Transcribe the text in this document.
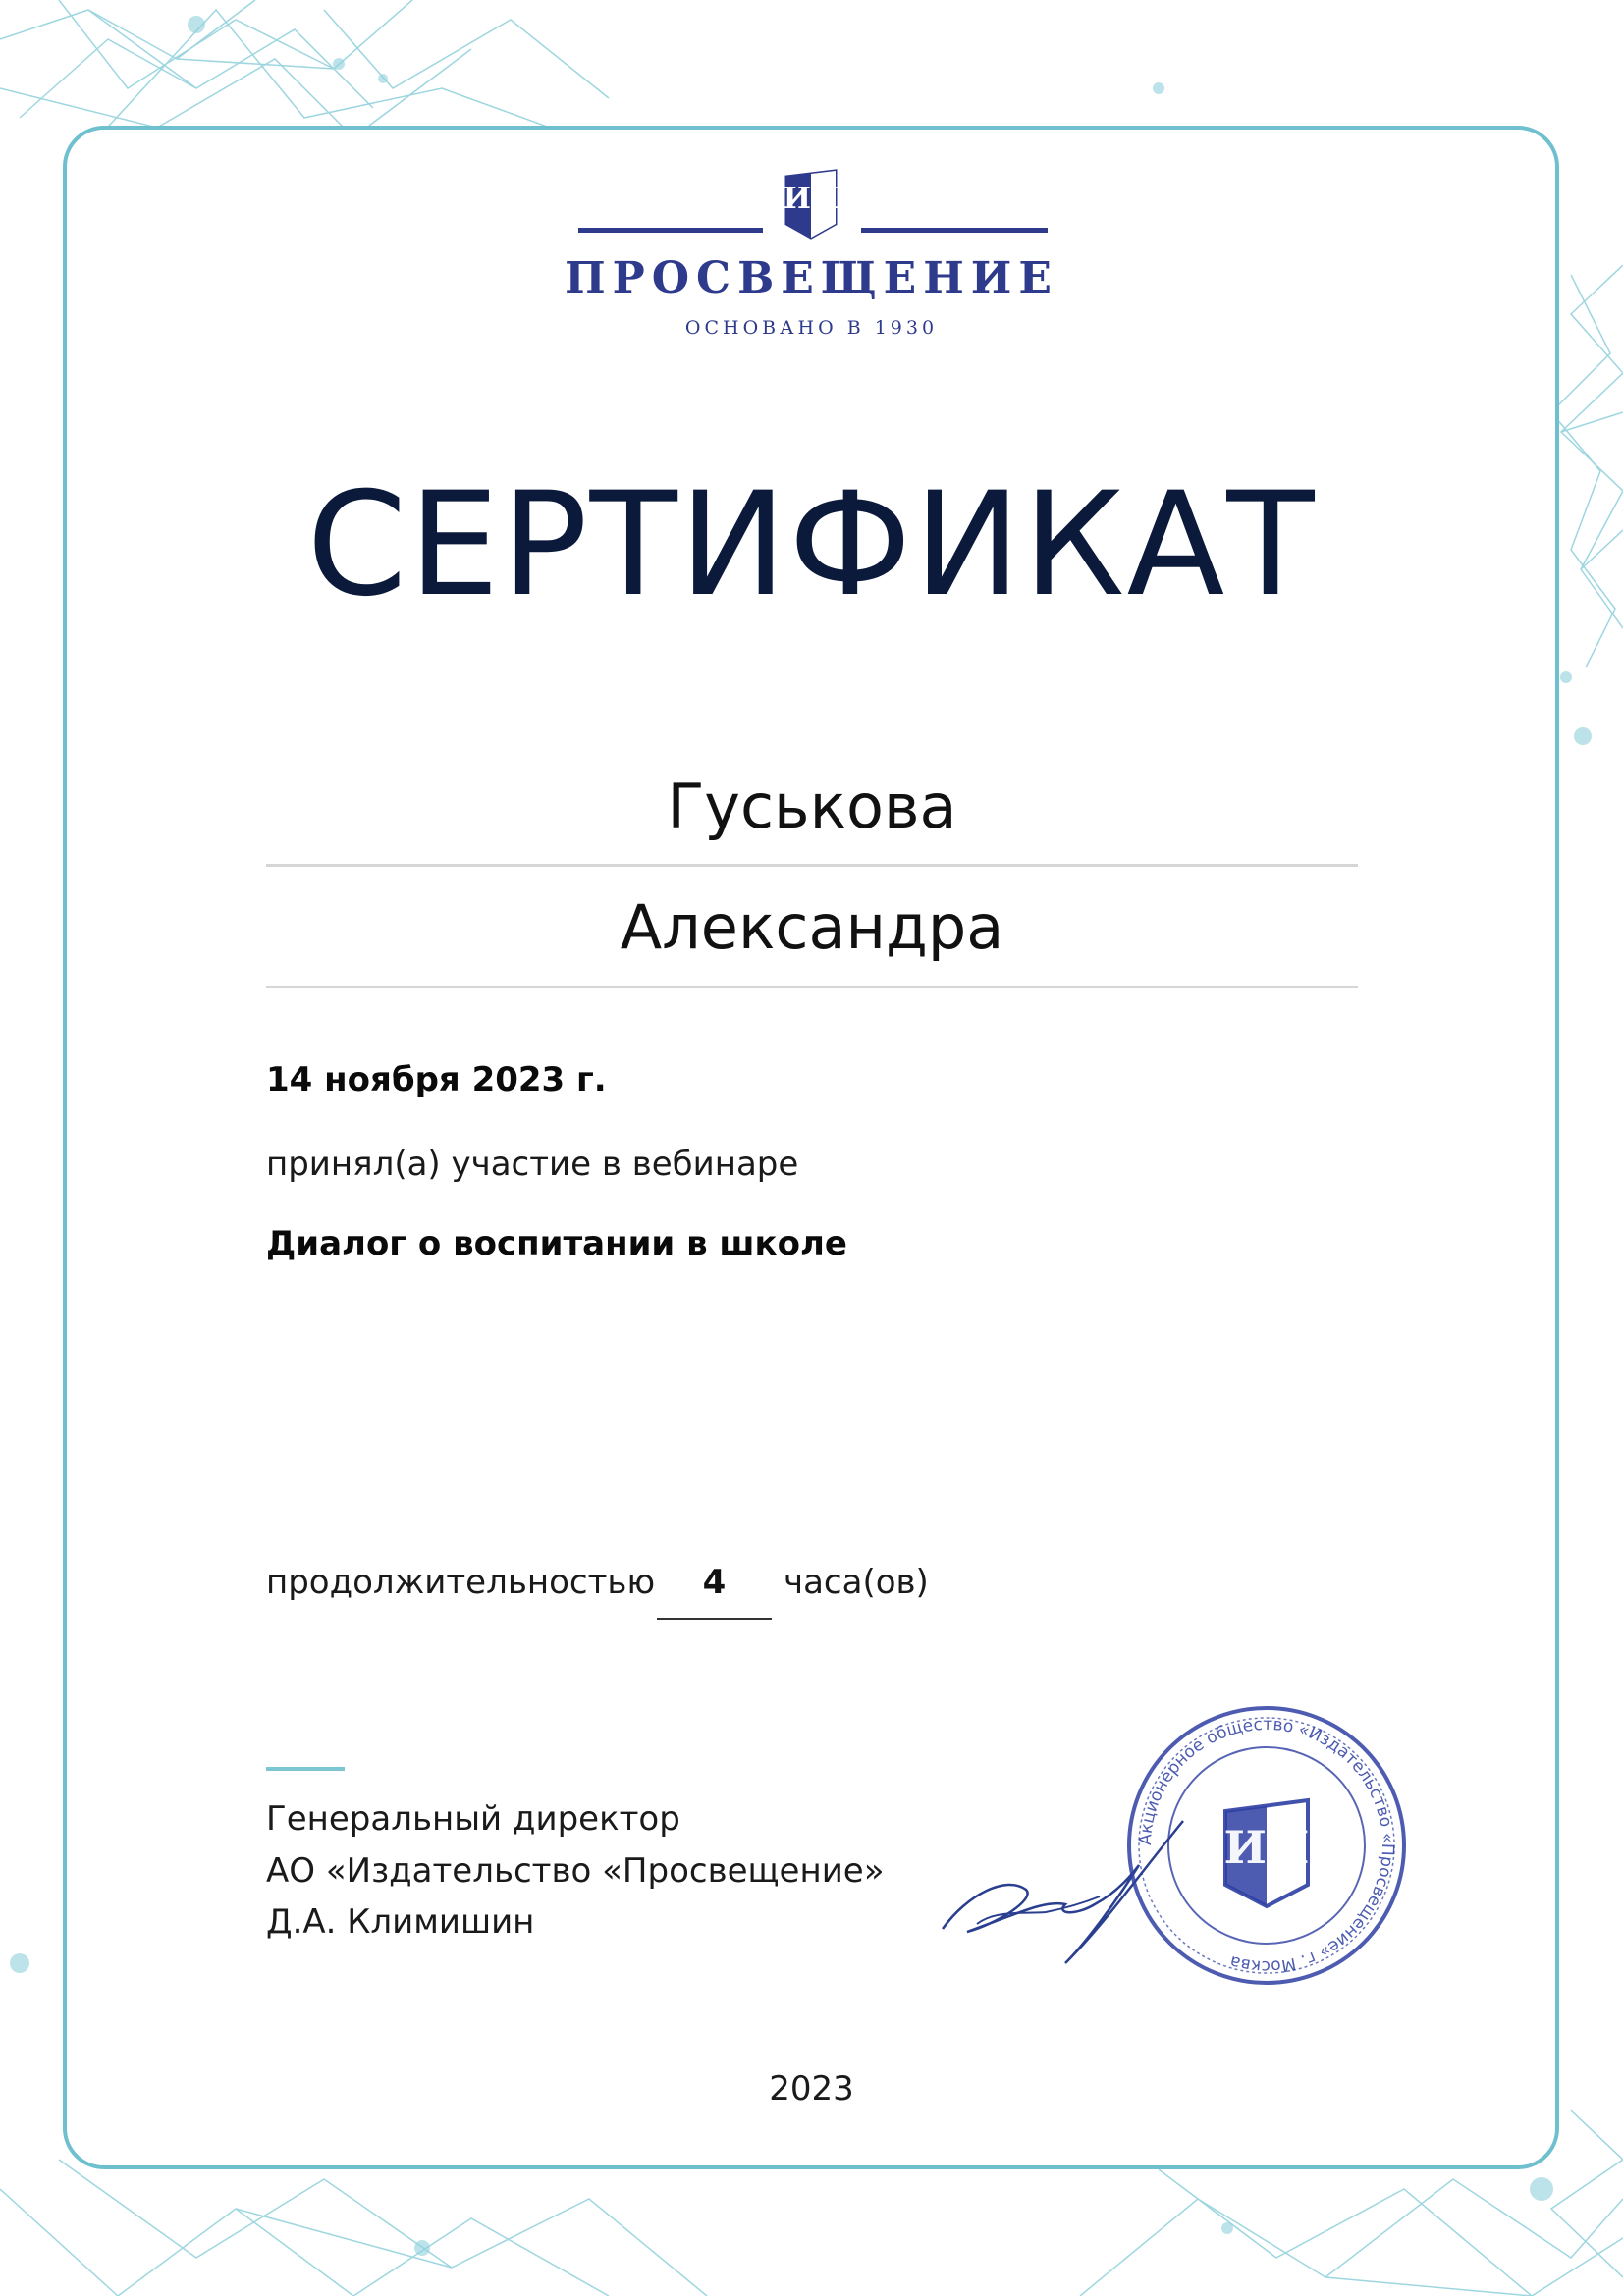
ИП
ПРОСВЕЩЕНИЕ
ОСНОВАНО В 1930
СЕРТИФИКАТ
Гуськова
Александра
14 ноября 2023 г.
принял(а) участие в вебинаре
Диалог о воспитании в школе
продолжительностью	4	часа(ов)
Генеральный директор
АО «Издательство «Просвещение»
Д.А. Климишин
Акционерное общество «Издательство «Просвещение» г. Москва
ИП
2023
